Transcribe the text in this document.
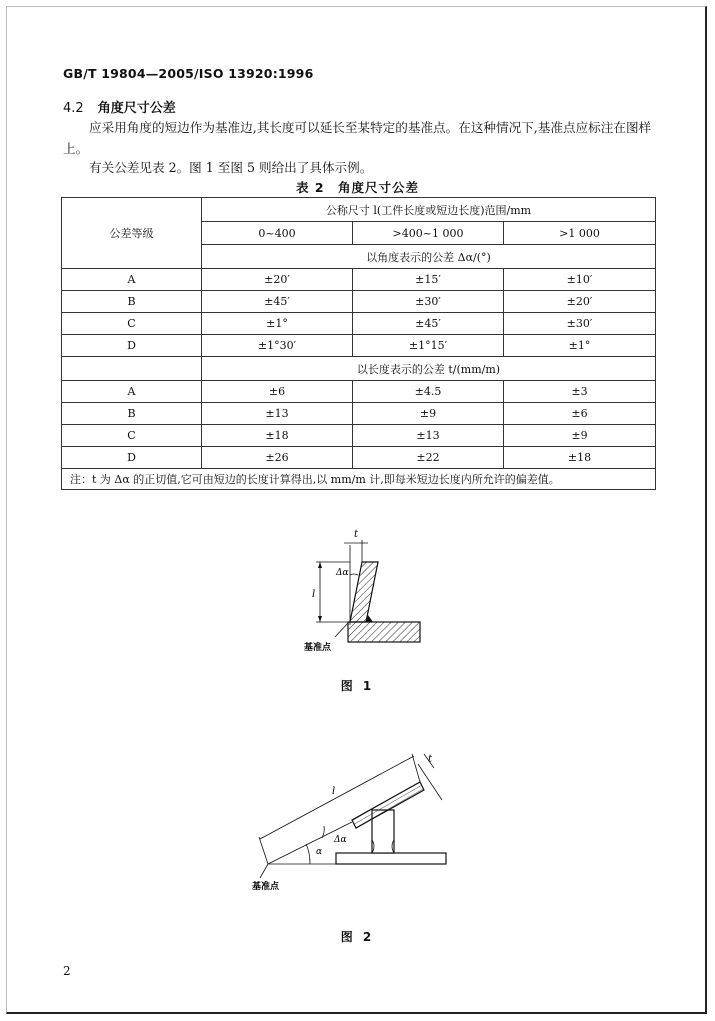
GB/T 19804—2005/ISO 13920:1996
4.2 角度尺寸公差
应采用角度的短边作为基准边,其长度可以延长至某特定的基准点。在这种情况下,基准点应标注在图样上。
有关公差见表 2。图 1 至图 5 则给出了具体示例。
表 2　角度尺寸公差
公差等级	公称尺寸 l(工件长度或短边长度)范围/mm		
	0~400	>400~1 000	>1 000
	以角度表示的公差 Δα/(°)		
A	±20′	±15′	±10′
B	±45′	±30′	±20′
C	±1°	±45′	±30′
D	±1°30′	±1°15′	±1°
	以长度表示的公差 t/(mm/m)		
A	±6	±4.5	±3
B	±13	±9	±6
C	±18	±13	±9
D	±26	±22	±18
注：t 为 Δα 的正切值,它可由短边的长度计算得出,以 mm/m 计,即每米短边长度内所允许的偏差值。			
t
l
Δα
基准点
图 1
l
t
α
Δα
基准点
图 2
2
